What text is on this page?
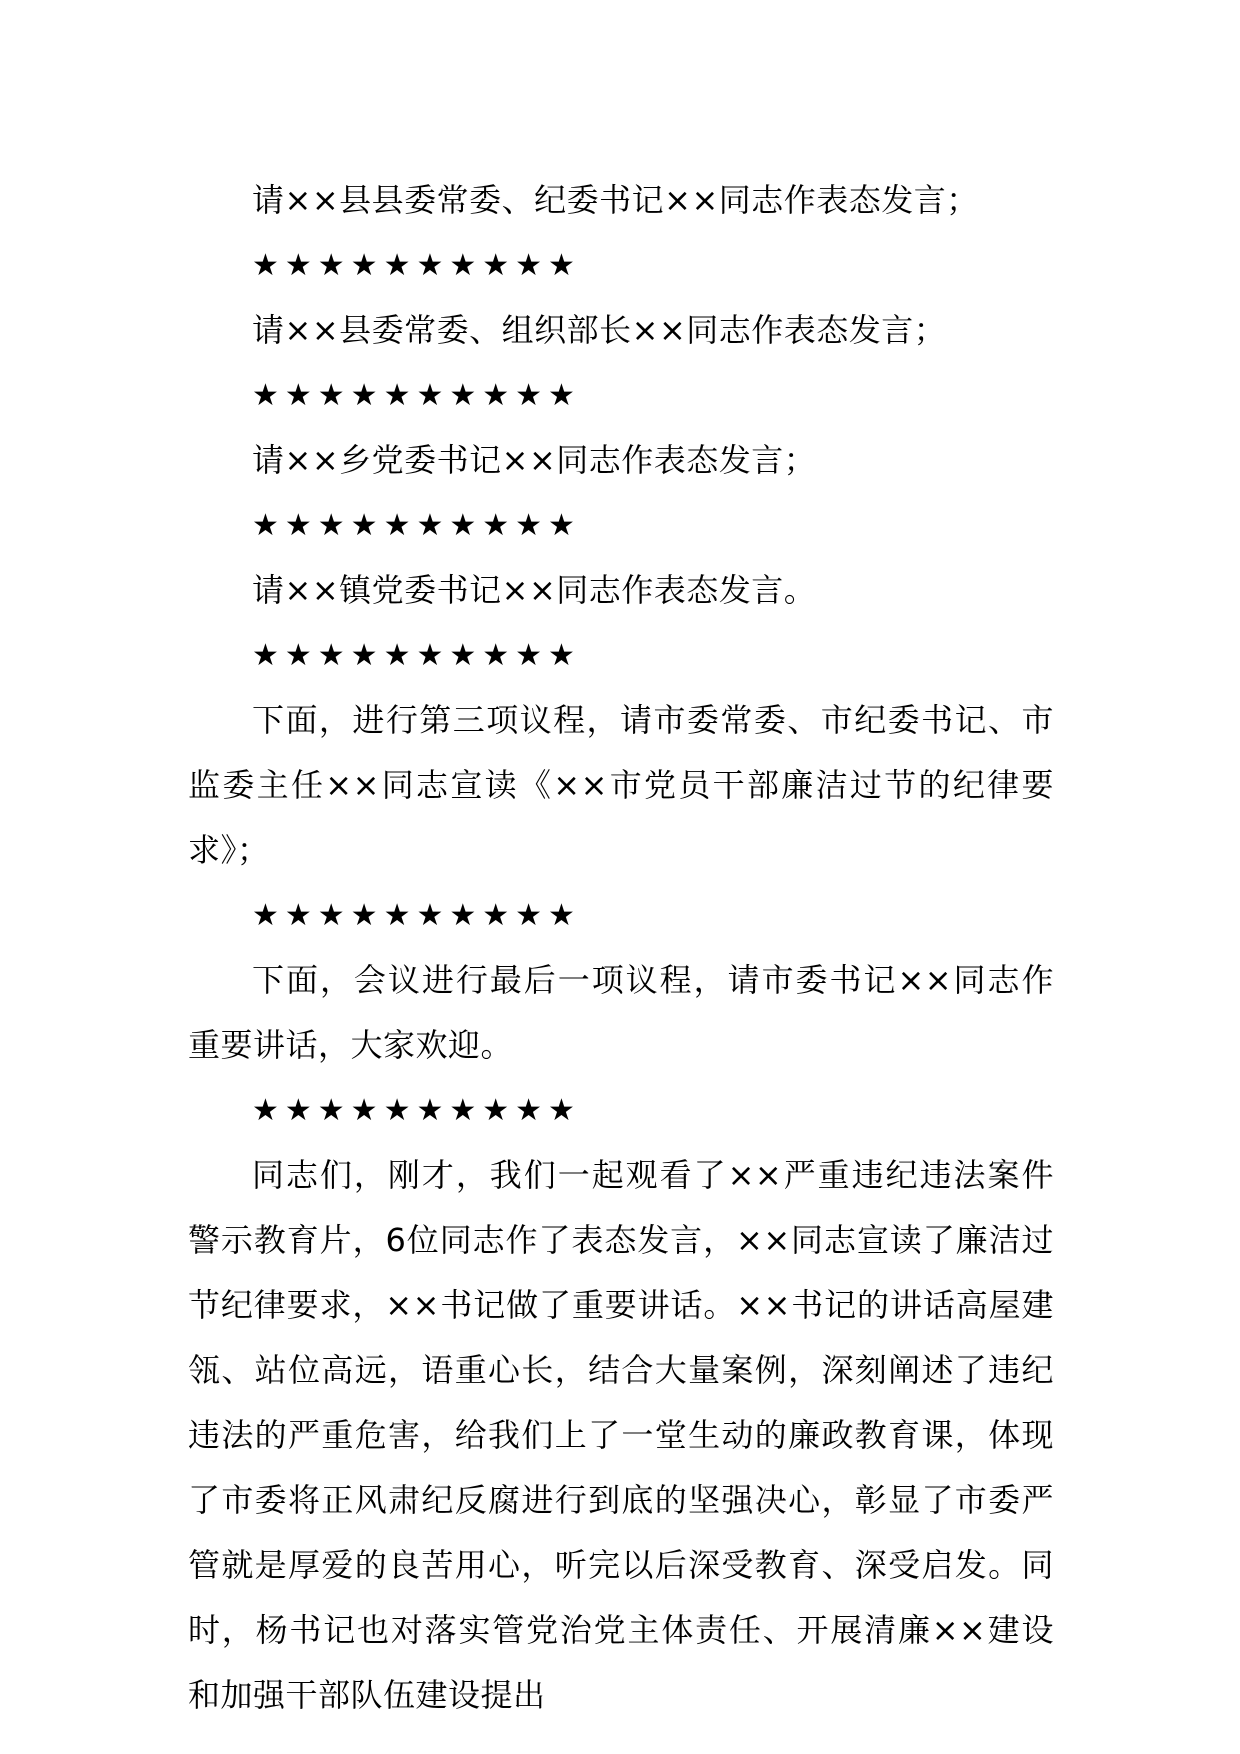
请××县县委常委、纪委书记××同志作表态发言；

★★★★★★★★★★

请××县委常委、组织部长××同志作表态发言；

★★★★★★★★★★

请××乡党委书记××同志作表态发言；

★★★★★★★★★★

请××镇党委书记××同志作表态发言。

★★★★★★★★★★

下面，进行第三项议程，请市委常委、市纪委书记、市监委主任××同志宣读《××市党员干部廉洁过节的纪律要求》；

★★★★★★★★★★

下面，会议进行最后一项议程，请市委书记××同志作重要讲话，大家欢迎。

★★★★★★★★★★

同志们，刚才，我们一起观看了××严重违纪违法案件警示教育片，6位同志作了表态发言，××同志宣读了廉洁过节纪律要求，××书记做了重要讲话。××书记的讲话高屋建瓴、站位高远，语重心长，结合大量案例，深刻阐述了违纪违法的严重危害，给我们上了一堂生动的廉政教育课，体现了市委将正风肃纪反腐进行到底的坚强决心，彰显了市委严管就是厚爱的良苦用心，听完以后深受教育、深受启发。同时，杨书记也对落实管党治党主体责任、开展清廉××建设和加强干部队伍建设提出
